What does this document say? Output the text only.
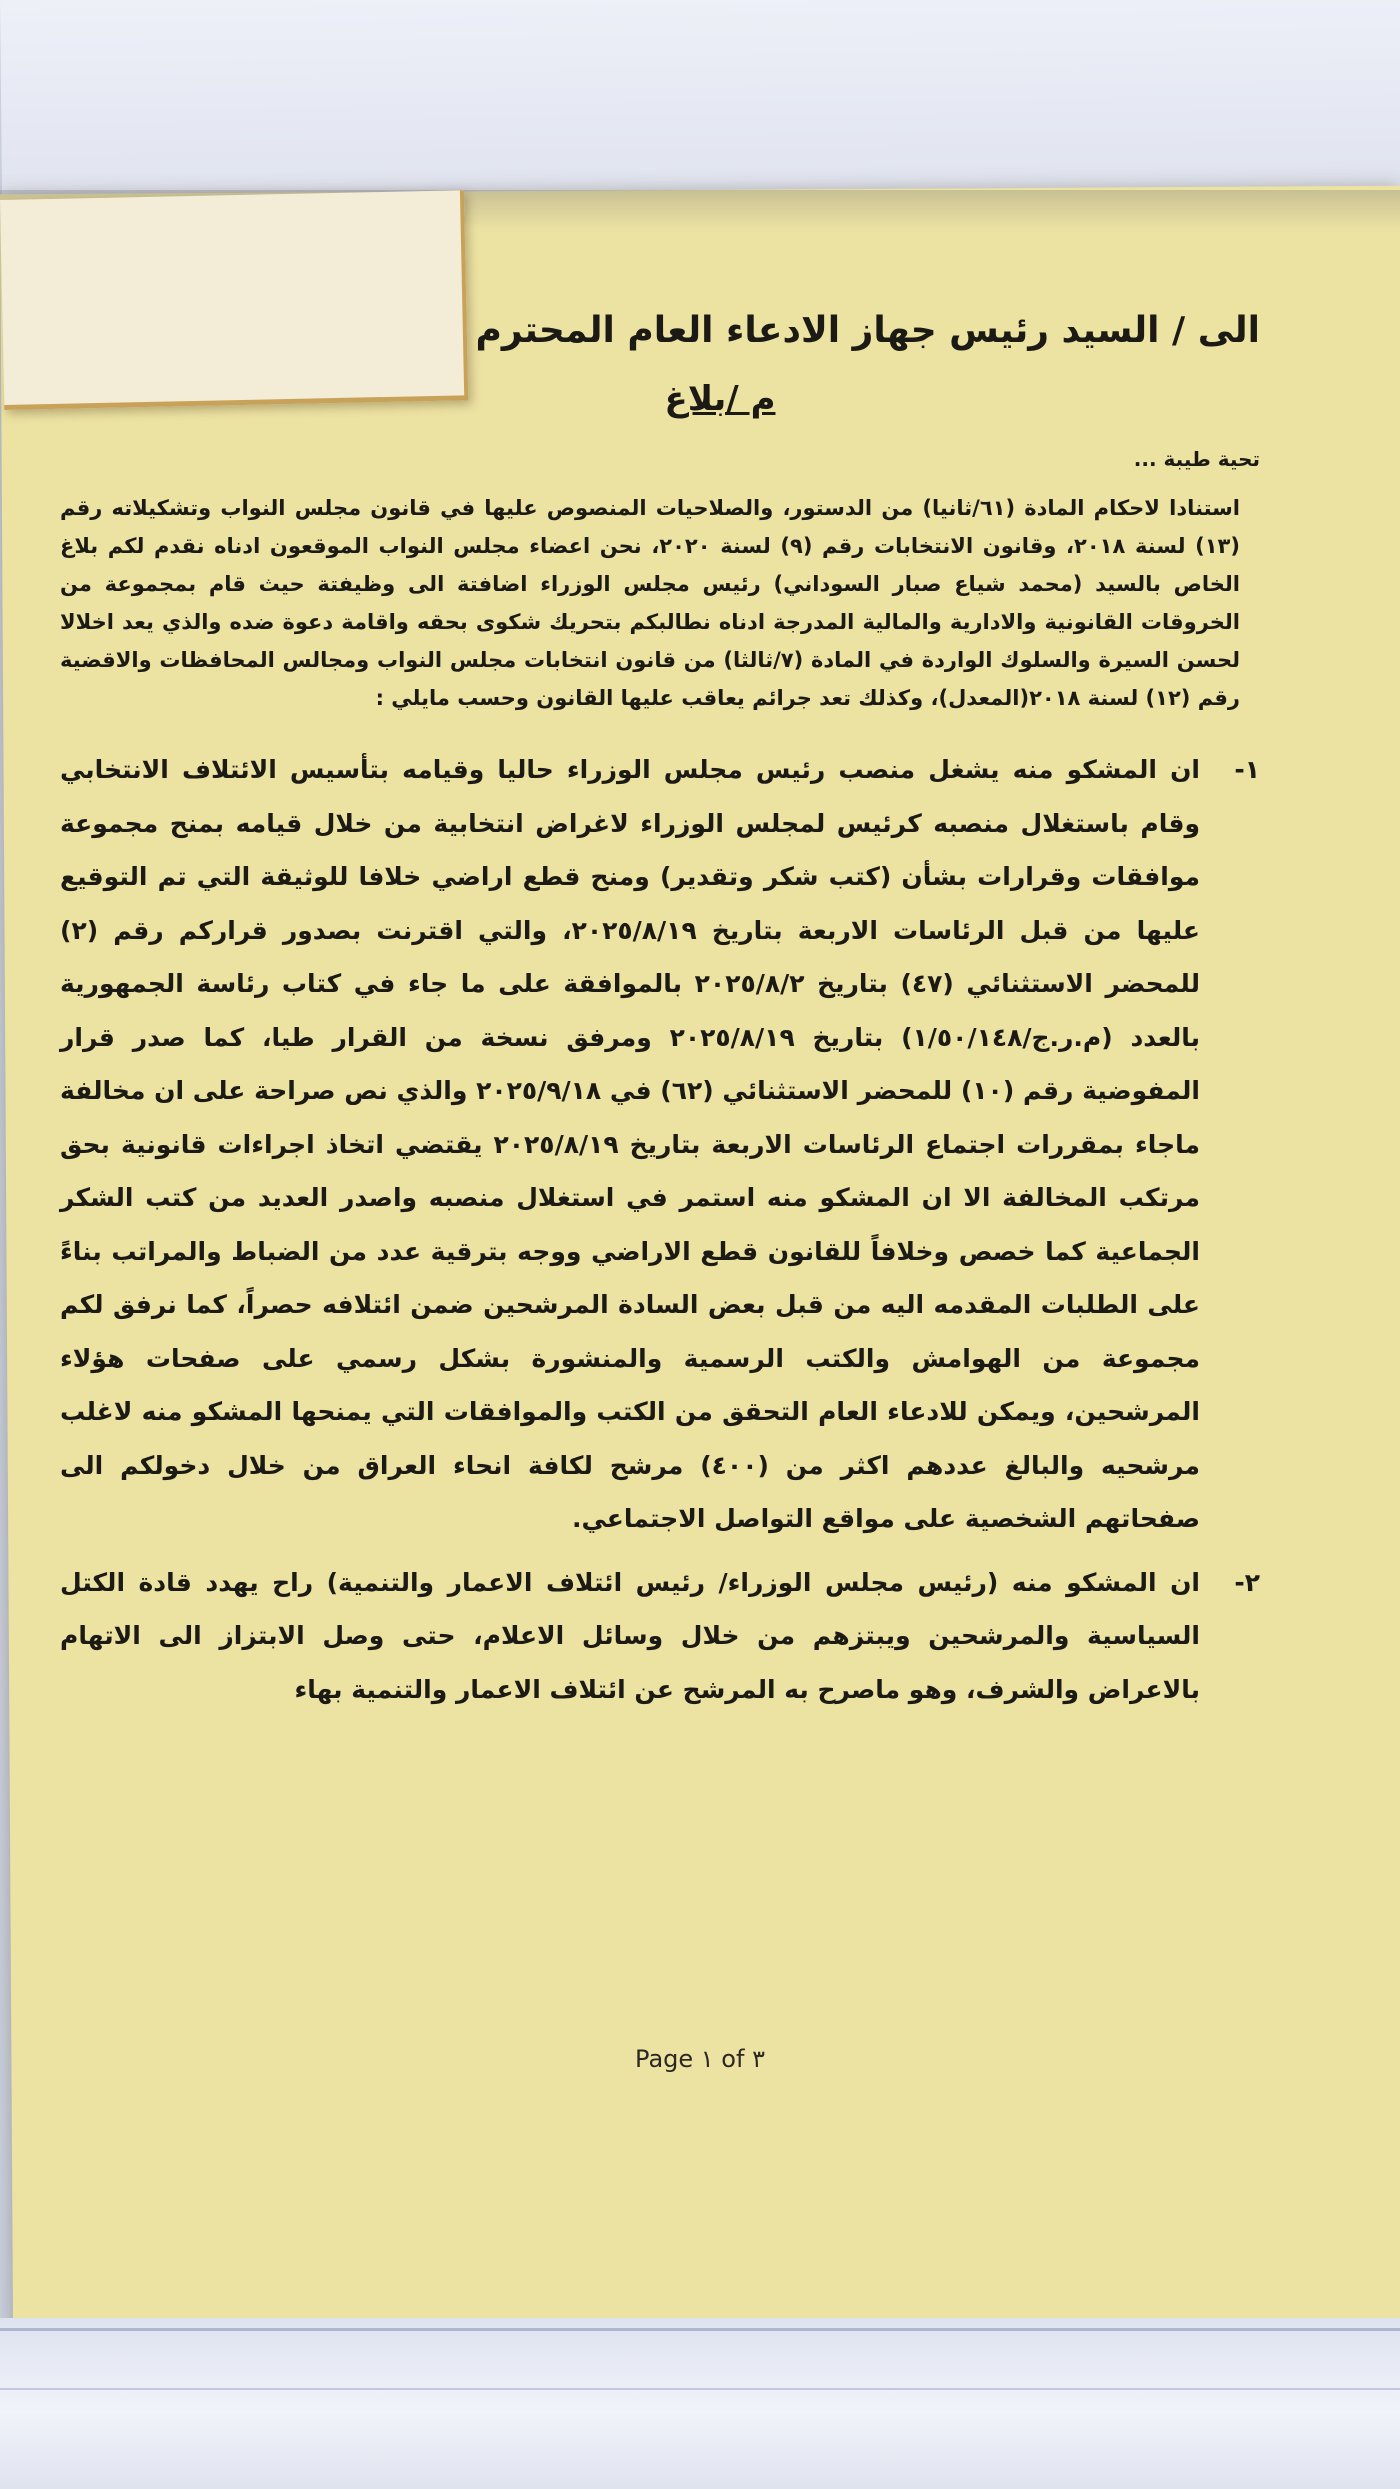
الى / السيد رئيس جهاز الادعاء العام المحترم
م /بلاغ
تحية طيبة ...
استنادا لاحكام المادة (٦١/ثانيا) من الدستور، والصلاحيات المنصوص عليها في قانون مجلس النواب وتشكيلاته رقم (١٣) لسنة ٢٠١٨، وقانون الانتخابات رقم (٩) لسنة ٢٠٢٠، نحن اعضاء مجلس النواب الموقعون ادناه نقدم لكم بلاغ الخاص بالسيد (محمد شياع صبار السوداني) رئيس مجلس الوزراء اضافتة الى وظيفتة حيث قام بمجموعة من الخروقات القانونية والادارية والمالية المدرجة ادناه نطالبكم بتحريك شكوى بحقه واقامة دعوة ضده والذي يعد اخلالا لحسن السيرة والسلوك الواردة في المادة (٧/ثالثا) من قانون انتخابات مجلس النواب ومجالس المحافظات والاقضية رقم (١٢) لسنة ٢٠١٨(المعدل)، وكذلك تعد جرائم يعاقب عليها القانون وحسب مايلي :
١-
ان المشكو منه يشغل منصب رئيس مجلس الوزراء حاليا وقيامه بتأسيس الائتلاف الانتخابي وقام باستغلال منصبه كرئيس لمجلس الوزراء لاغراض انتخابية من خلال قيامه بمنح مجموعة موافقات وقرارات بشأن (كتب شكر وتقدير) ومنح قطع اراضي خلافا للوثيقة التي تم التوقيع عليها من قبل الرئاسات الاربعة بتاريخ ٢٠٢٥/٨/١٩، والتي اقترنت بصدور قراركم رقم (٢) للمحضر الاستثنائي (٤٧) بتاريخ ٢٠٢٥/٨/٢ بالموافقة على ما جاء في كتاب رئاسة الجمهورية بالعدد (م.ر.ج/١/٥٠/١٤٨) بتاريخ ٢٠٢٥/٨/١٩ ومرفق نسخة من القرار طيا، كما صدر قرار المفوضية رقم (١٠) للمحضر الاستثنائي (٦٢) في ٢٠٢٥/٩/١٨ والذي نص صراحة على ان مخالفة ماجاء بمقررات اجتماع الرئاسات الاربعة بتاريخ ٢٠٢٥/٨/١٩ يقتضي اتخاذ اجراءات قانونية بحق مرتكب المخالفة الا ان المشكو منه استمر في استغلال منصبه واصدر العديد من كتب الشكر الجماعية كما خصص وخلافاً للقانون قطع الاراضي ووجه بترقية عدد من الضباط والمراتب بناءً على الطلبات المقدمه اليه من قبل بعض السادة المرشحين ضمن ائتلافه حصراً، كما نرفق لكم مجموعة من الهوامش والكتب الرسمية والمنشورة بشكل رسمي على صفحات هؤلاء المرشحين، ويمكن للادعاء العام التحقق من الكتب والموافقات التي يمنحها المشكو منه لاغلب مرشحيه والبالغ عددهم اكثر من (٤٠٠) مرشح لكافة انحاء العراق من خلال دخولكم الى صفحاتهم الشخصية على مواقع التواصل الاجتماعي.
٢-
ان المشكو منه (رئيس مجلس الوزراء/ رئيس ائتلاف الاعمار والتنمية) راح يهدد قادة الكتل السياسية والمرشحين ويبتزهم من خلال وسائل الاعلام، حتى وصل الابتزاز الى الاتهام بالاعراض والشرف، وهو ماصرح به المرشح عن ائتلاف الاعمار والتنمية بهاء
Page ١ of ٣
